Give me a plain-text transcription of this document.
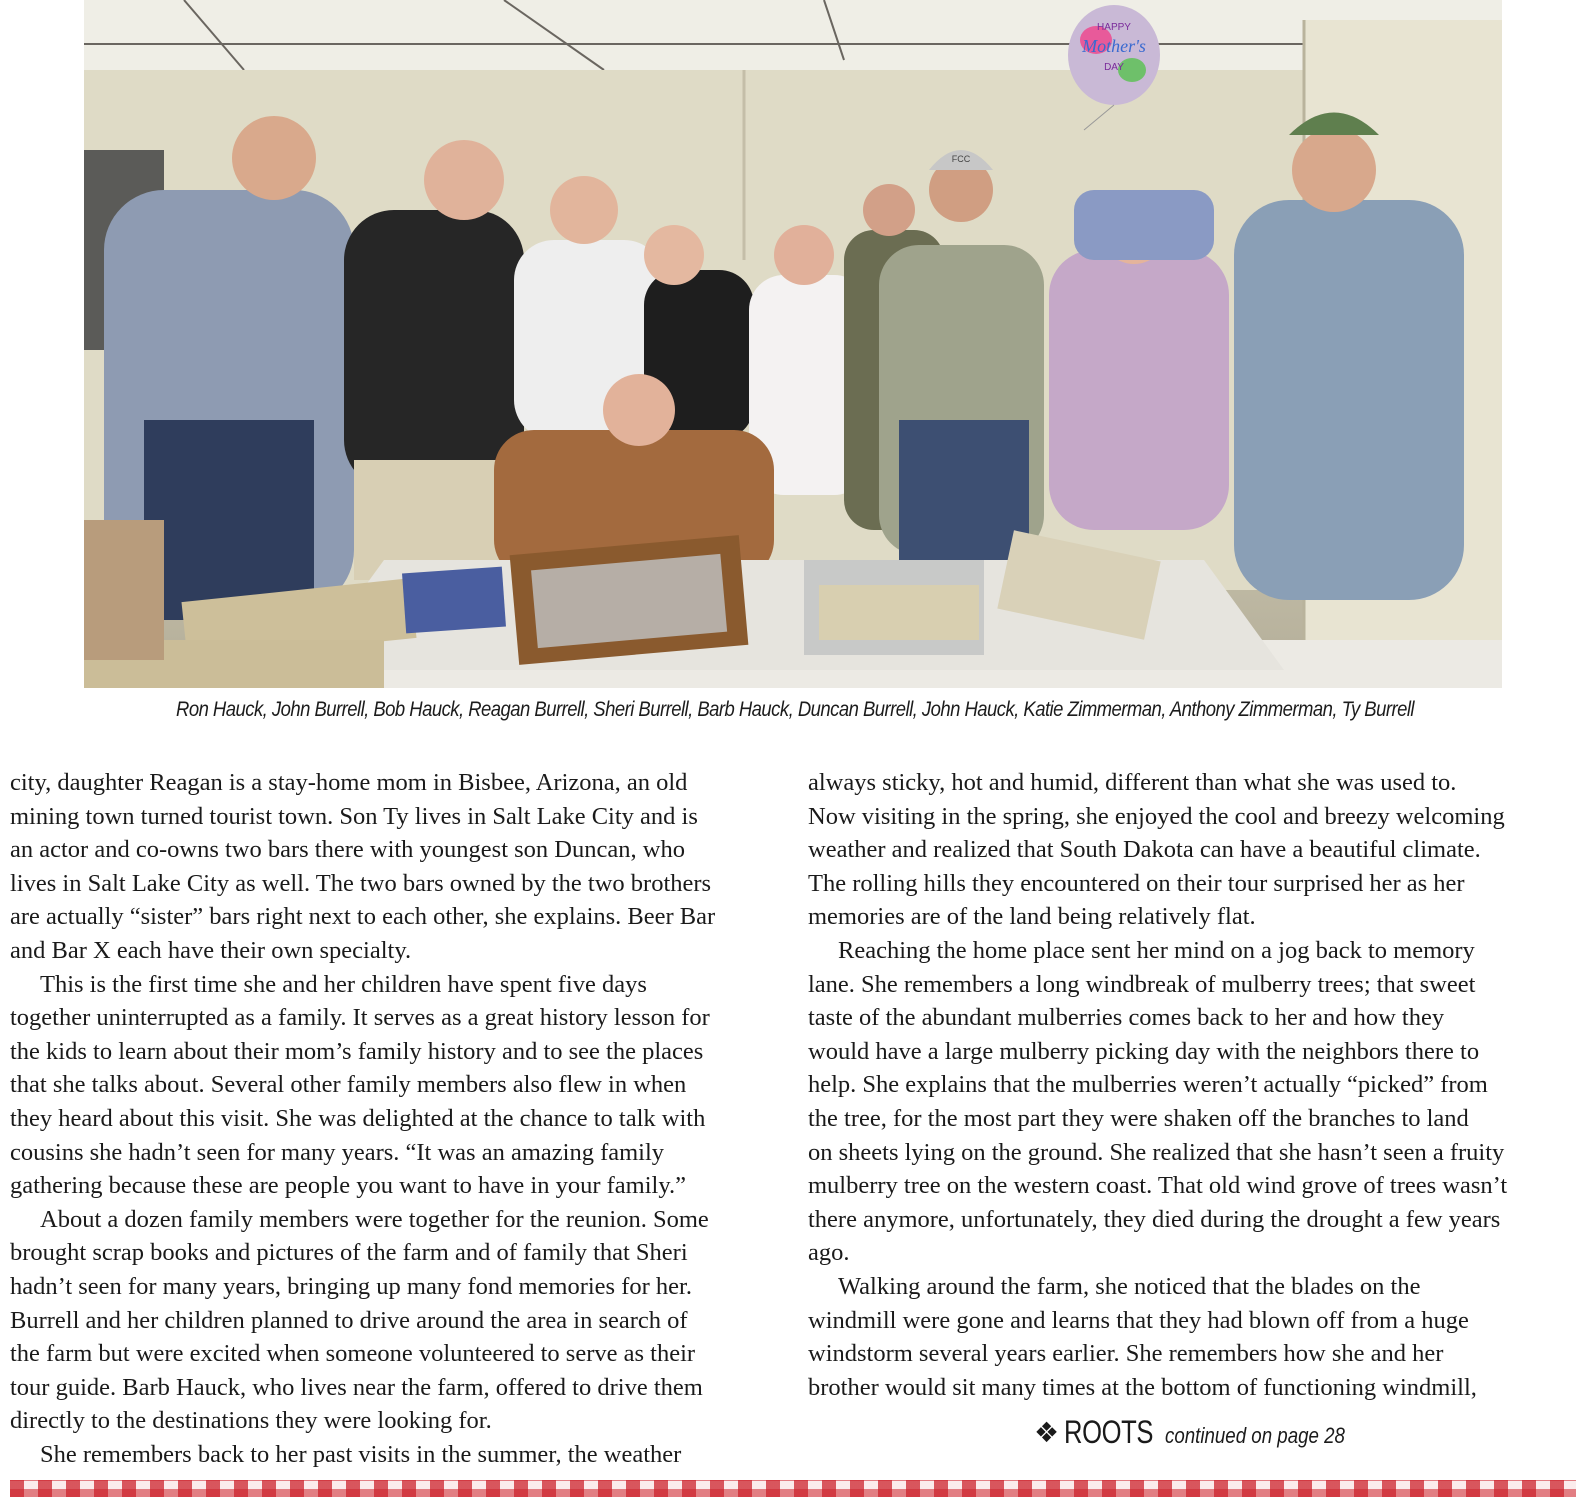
HAPPY
Mother's
DAY
FCC
Ron Hauck, John Burrell, Bob Hauck, Reagan Burrell, Sheri Burrell, Barb Hauck, Duncan Burrell, John Hauck, Katie Zimmerman, Anthony Zimmerman, Ty Burrell
city, daughter Reagan is a stay-home mom in Bisbee, Arizona, an old
mining town turned tourist town. Son Ty lives in Salt Lake City and is
an actor and co-owns two bars there with youngest son Duncan, who
lives in Salt Lake City as well. The two bars owned by the two brothers
are actually “sister” bars right next to each other, she explains. Beer Bar
and Bar X each have their own specialty.
This is the first time she and her children have spent five days
together uninterrupted as a family. It serves as a great history lesson for
the kids to learn about their mom’s family history and to see the places
that she talks about. Several other family members also flew in when
they heard about this visit. She was delighted at the chance to talk with
cousins she hadn’t seen for many years. “It was an amazing family
gathering because these are people you want to have in your family.”
About a dozen family members were together for the reunion. Some
brought scrap books and pictures of the farm and of family that Sheri
hadn’t seen for many years, bringing up many fond memories for her.
Burrell and her children planned to drive around the area in search of
the farm but were excited when someone volunteered to serve as their
tour guide. Barb Hauck, who lives near the farm, offered to drive them
directly to the destinations they were looking for.
She remembers back to her past visits in the summer, the weather
always sticky, hot and humid, different than what she was used to.
Now visiting in the spring, she enjoyed the cool and breezy welcoming
weather and realized that South Dakota can have a beautiful climate.
The rolling hills they encountered on their tour surprised her as her
memories are of the land being relatively flat.
Reaching the home place sent her mind on a jog back to memory
lane. She remembers a long windbreak of mulberry trees; that sweet
taste of the abundant mulberries comes back to her and how they
would have a large mulberry picking day with the neighbors there to
help. She explains that the mulberries weren’t actually “picked” from
the tree, for the most part they were shaken off the branches to land
on sheets lying on the ground. She realized that she hasn’t seen a fruity
mulberry tree on the western coast. That old wind grove of trees wasn’t
there anymore, unfortunately, they died during the drought a few years
ago.
Walking around the farm, she noticed that the blades on the
windmill were gone and learns that they had blown off from a huge
windstorm several years earlier. She remembers how she and her
brother would sit many times at the bottom of functioning windmill,
❖ ROOTS continued on page 28
